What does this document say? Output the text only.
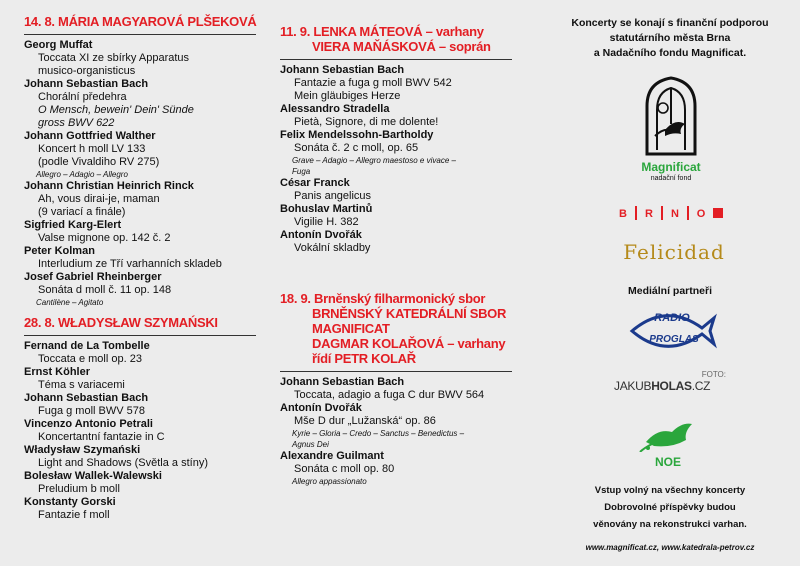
14. 8. MÁRIA MAGYAROVÁ PLŠEKOVÁ
Georg Muffat
Toccata XI ze sbírky Apparatus
musico-organisticus
Johann Sebastian Bach
Chorální předehra
O Mensch, bewein' Dein' Sünde
gross BWV 622
Johann Gottfried Walther
Koncert h moll LV 133
(podle Vivaldiho RV 275)
Allegro – Adagio – Allegro
Johann Christian Heinrich Rinck
Ah, vous dirai-je, maman
(9 variací a finále)
Sigfried Karg-Elert
Valse mignone op. 142 č. 2
Peter Kolman
Interludium ze Tří varhanních skladeb
Josef Gabriel Rheinberger
Sonáta d moll č. 11 op. 148
Cantilène – Agitato
28. 8. WŁADYSŁAW SZYMAŃSKI
Fernand de La Tombelle
Toccata e moll op. 23
Ernst Köhler
Téma s variacemi
Johann Sebastian Bach
Fuga g moll BWV 578
Vincenzo Antonio Petrali
Koncertantní fantazie in C
Władysław Szymański
Light and Shadows (Světla a stíny)
Bolesław Wallek-Walewski
Preludium b moll
Konstanty Gorski
Fantazie f moll
11. 9. LENKA MÁTEOVÁ – varhany
VIERA MAŇÁSKOVÁ – soprán
Johann Sebastian Bach
Fantazie a fuga g moll BWV 542
Mein gläubiges Herze
Alessandro Stradella
Pietà, Signore, di me dolente!
Felix Mendelssohn-Bartholdy
Sonáta č. 2 c moll, op. 65
Grave – Adagio – Allegro maestoso e vivace –
Fuga
César Franck
Panis angelicus
Bohuslav Martinů
Vigilie H. 382
Antonín Dvořák
Vokální skladby
18. 9. Brněnský filharmonický sbor
BRNĚNSKÝ KATEDRÁLNÍ SBOR
MAGNIFICAT
DAGMAR KOLAŘOVÁ – varhany
řídí PETR KOLAŘ
Johann Sebastian Bach
Toccata, adagio a fuga C dur BWV 564
Antonín Dvořák
Mše D dur „Lužanská“ op. 86
Kyrie – Gloria – Credo – Sanctus – Benedictus –
Agnus Dei
Alexandre Guilmant
Sonáta c moll op. 80
Allegro appassionato
Koncerty se konají s finanční podporou
statutárního města Brna
a Nadačního fondu Magnificat.
Magnificat
nadační fond
B R N O
Felicidad
Mediální partneři
RADIO
PROGLAS
FOTO:
JAKUBHOLAS.CZ
NOE
Vstup volný na všechny koncerty
Dobrovolné příspěvky budou
věnovány na rekonstrukci varhan.
www.magnificat.cz, www.katedrala-petrov.cz
